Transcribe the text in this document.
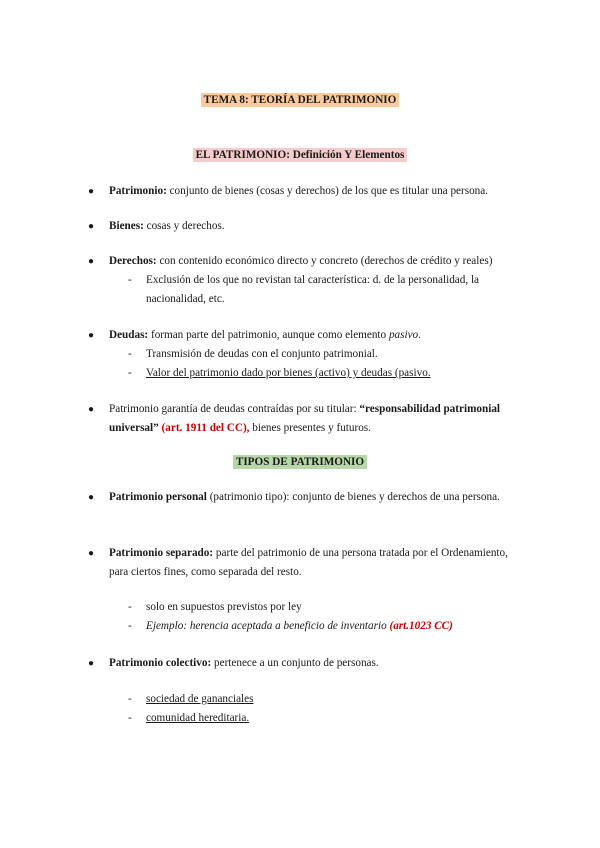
TEMA 8: TEORÍA DEL PATRIMONIO
EL PATRIMONIO: Definición Y Elementos
● Patrimonio: conjunto de bienes (cosas y derechos) de los que es titular una persona.
● Bienes: cosas y derechos.
● Derechos: con contenido económico directo y concreto (derechos de crédito y reales)
- Exclusión de los que no revistan tal característica: d. de la personalidad, la nacionalidad, etc.
● Deudas: forman parte del patrimonio, aunque como elemento pasivo.
- Transmisión de deudas con el conjunto patrimonial.
- Valor del patrimonio dado por bienes (activo) y deudas (pasivo.
● Patrimonio garantía de deudas contraídas por su titular: “responsabilidad patrimonial universal” (art. 1911 del CC), bienes presentes y futuros.
TIPOS DE PATRIMONIO
● Patrimonio personal (patrimonio tipo): conjunto de bienes y derechos de una persona.
● Patrimonio separado: parte del patrimonio de una persona tratada por el Ordenamiento, para ciertos fines, como separada del resto.
- solo en supuestos previstos por ley
- Ejemplo: herencia aceptada a beneficio de inventario (art.1023 CC)
● Patrimonio colectivo: pertenece a un conjunto de personas.
- sociedad de gananciales
- comunidad hereditaria.
